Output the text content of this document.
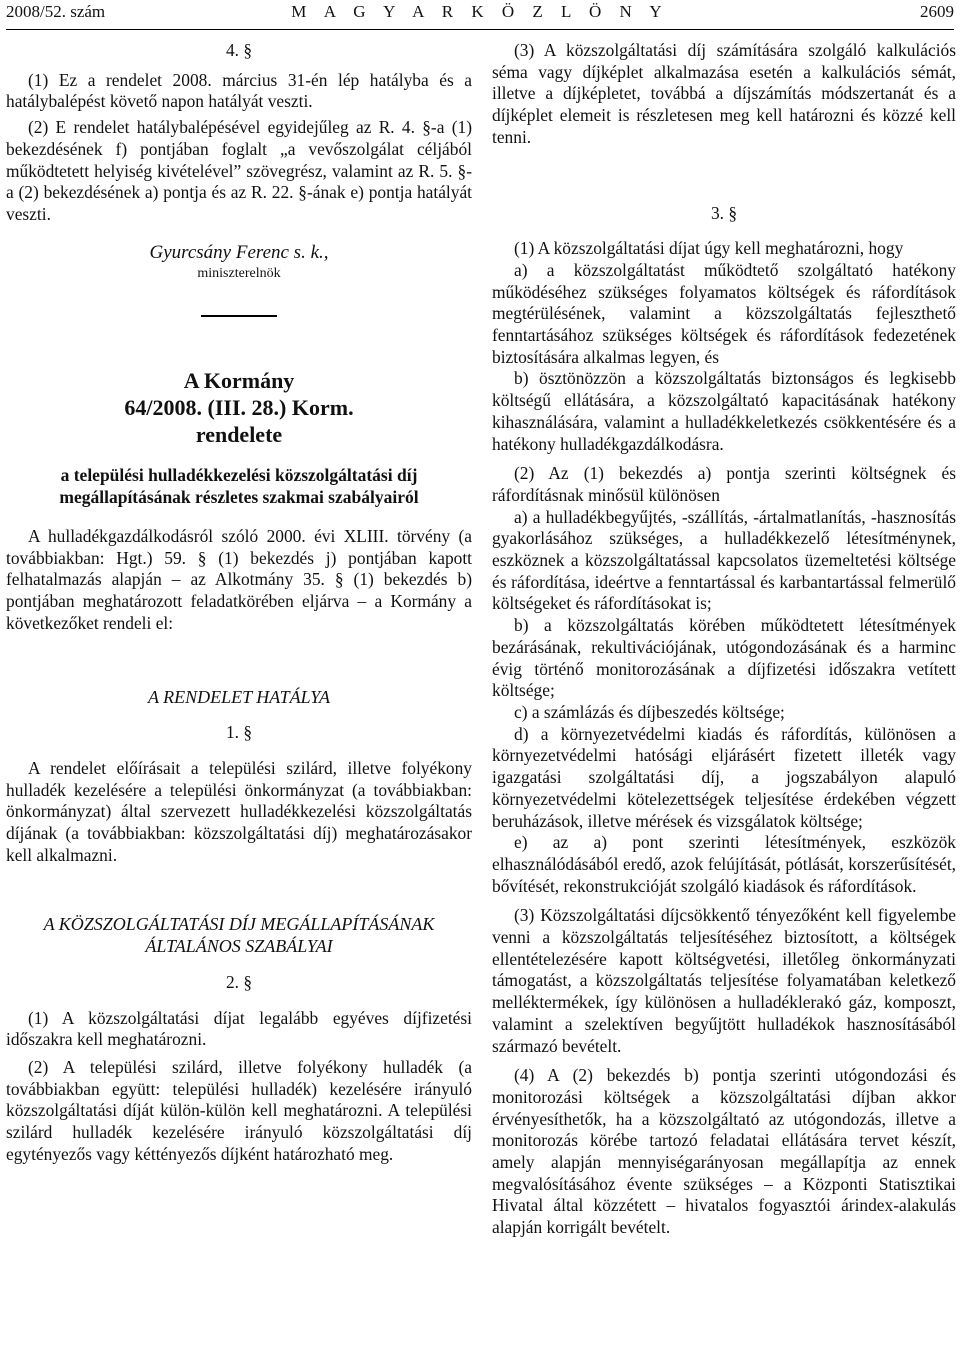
2008/52. szám	M A G Y A R K Ö Z L Ö N Y	2609

4. §

(1) Ez a rendelet 2008. március 31-én lép hatályba és a hatálybalépést követő napon hatályát veszti.

(2) E rendelet hatálybalépésével egyidejűleg az R. 4. §-a (1) bekezdésének f) pontjában foglalt „a vevőszolgálat céljából működtetett helyiség kivételével” szövegrész, valamint az R. 5. §-a (2) bekezdésének a) pontja és az R. 22. §-ának e) pontja hatályát veszti.

Gyurcsány Ferenc s. k.,

miniszterelnök

A Kormány

64/2008. (III. 28.) Korm.

rendelete

a települési hulladékkezelési közszolgáltatási díj megállapításának részletes szakmai szabályairól

A hulladékgazdálkodásról szóló 2000. évi XLIII. törvény (a továbbiakban: Hgt.) 59. § (1) bekezdés j) pontjában kapott felhatalmazás alapján – az Alkotmány 35. § (1) bekezdés b) pontjában meghatározott feladatkörében eljárva – a Kormány a következőket rendeli el:

A RENDELET HATÁLYA

1. §

A rendelet előírásait a települési szilárd, illetve folyékony hulladék kezelésére a települési önkormányzat (a továbbiakban: önkormányzat) által szervezett hulladékkezelési közszolgáltatás díjának (a továbbiakban: közszolgáltatási díj) meghatározásakor kell alkalmazni.

A KÖZSZOLGÁLTATÁSI DÍJ MEGÁLLAPÍTÁSÁNAK

ÁLTALÁNOS SZABÁLYAI

2. §

(1) A közszolgáltatási díjat legalább egyéves díjfizetési időszakra kell meghatározni.

(2) A települési szilárd, illetve folyékony hulladék (a továbbiakban együtt: települési hulladék) kezelésére irányuló közszolgáltatási díját külön-külön kell meghatározni. A települési szilárd hulladék kezelésére irányuló közszolgáltatási díj egytényezős vagy kéttényezős díjként határozható meg.

(3) A közszolgáltatási díj számítására szolgáló kalkulációs séma vagy díjképlet alkalmazása esetén a kalkulációs sémát, illetve a díjképletet, továbbá a díjszámítás módszertanát és a díjképlet elemeit is részletesen meg kell határozni és közzé kell tenni.

3. §

(1) A közszolgáltatási díjat úgy kell meghatározni, hogy

a) a közszolgáltatást működtető szolgáltató hatékony működéséhez szükséges folyamatos költségek és ráfordítások megtérülésének, valamint a közszolgáltatás fejleszthető fenntartásához szükséges költségek és ráfordítások fedezetének biztosítására alkalmas legyen, és

b) ösztönözzön a közszolgáltatás biztonságos és legkisebb költségű ellátására, a közszolgáltató kapacitásának hatékony kihasználására, valamint a hulladékkeletkezés csökkentésére és a hatékony hulladékgazdálkodásra.

(2) Az (1) bekezdés a) pontja szerinti költségnek és ráfordításnak minősül különösen

a) a hulladékbegyűjtés, -szállítás, -ártalmatlanítás, -hasznosítás gyakorlásához szükséges, a hulladékkezelő létesítménynek, eszköznek a közszolgáltatással kapcsolatos üzemeltetési költsége és ráfordítása, ideértve a fenntartással és karbantartással felmerülő költségeket és ráfordításokat is;

b) a közszolgáltatás körében működtetett létesítmények bezárásának, rekultivációjának, utógondozásának és a harminc évig történő monitorozásának a díjfizetési időszakra vetített költsége;

c) a számlázás és díjbeszedés költsége;

d) a környezetvédelmi kiadás és ráfordítás, különösen a környezetvédelmi hatósági eljárásért fizetett illeték vagy igazgatási szolgáltatási díj, a jogszabályon alapuló környezetvédelmi kötelezettségek teljesítése érdekében végzett beruházások, illetve mérések és vizsgálatok költsége;

e) az a) pont szerinti létesítmények, eszközök elhasználódásából eredő, azok felújítását, pótlását, korszerűsítését, bővítését, rekonstrukcióját szolgáló kiadások és ráfordítások.

(3) Közszolgáltatási díjcsökkentő tényezőként kell figyelembe venni a közszolgáltatás teljesítéséhez biztosított, a költségek ellentételezésére kapott költségvetési, illetőleg önkormányzati támogatást, a közszolgáltatás teljesítése folyamatában keletkező melléktermékek, így különösen a hulladéklerakó gáz, komposzt, valamint a szelektíven begyűjtött hulladékok hasznosításából származó bevételt.

(4) A (2) bekezdés b) pontja szerinti utógondozási és monitorozási költségek a közszolgáltatási díjban akkor érvényesíthetők, ha a közszolgáltató az utógondozás, illetve a monitorozás körébe tartozó feladatai ellátására tervet készít, amely alapján mennyiségarányosan megállapítja az ennek megvalósításához évente szükséges – a Központi Statisztikai Hivatal által közzétett – hivatalos fogyasztói árindex-alakulás alapján korrigált bevételt.
